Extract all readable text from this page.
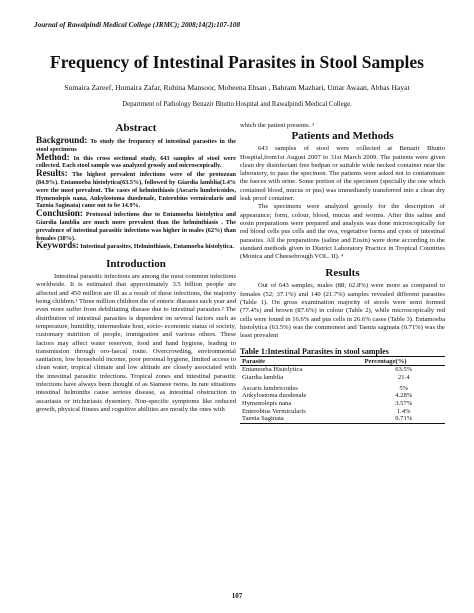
Journal of Rawalpindi Medical College (JRMC); 2008;14(2):107-108
Frequency of Intestinal Parasites in Stool Samples
Sumaira Zareef, Humaira Zafar, Rubina Mansoor, Mobeena Ehsan , Bahram Mazhari, Umar Awaan, Abbas Hayat
Department of Pathology Benazir Bhutto Hospital and Rawalpindi Medical College.
Abstract

Background: To study the frequency of intestinal parasites in the stool specimens

Method: In this cross sectional study, 643 samples of stool were collected. Each stool sample was analyzed grossly and microscopically.

Results: The highest prevalent infections were of the protozoan (84.9%). Entamoeba histolytica(63.5%), followed by Giardia lamblia(1.4% were the most prevalent. The cases of helminthiasis (Ascaris lumbricoides, Hymenolepis nana, Ankylostoma duodenale, Enterobius vermicularis and Taenia Saginata) came out to be 14.9%.

Conclusion: Protozoal infections due to Entamoeba histolytica and Giardia lamblia are much more prevalent than the helminthiasis . The prevalence of intestinal parasitic infections was higher in males (62%) than females (38%).

Keywords: Intestinal parasites, Helminthiasis, Entamoeba histolytica.

Introduction

Intestinal parasitic infections are among the most common infections worldwide. It is estimated that approximately 3.5 billion people are affected and 450 million are ill as a result of these infections, the majority being children.¹ Three million children die of enteric diseases each year and even more suffer from debilitating disease due to intestinal parasites.² The distribution of intestinal parasites is dependent on several factors such as temperature, humidity, intermediate host, socio- economic status of society, customary nutrition of people, immigration and various others. These factors may affect water reservoir, food and hand hygiene, leading to transmission through oro-faecal route. Overcrowding, environmental sanitation, low household income, poor personal hygiene, limited access to clean water, tropical climate and low altitude are closely associated with the intestinal parasitic infections. Tropical zones and intestinal parasitic infections have always been thought of as Siamese twins. In rare situations intestinal helminths cause serious disease, as intestinal obstruction in ascariasis or trichuriasis dysentery. Non-specific symptoms like reduced growth, physical fitness and cognitive abilities are mostly the ones with

which the patient presents. ³

Patients and Methods

643 samples of stool were collected at Benazir Bhutto Hospital,from1st August 2007 to 31st March 2009. The patients were given clean dry disinfectant free bedpan or suitable wide necked container near the laboratory, to pass the specimen. The patients were asked not to contaminate the faeces with urine. Some portion of the specimen (specially the one which contained blood, mucus or pus) was immediately transferred into a clean dry leak proof container.

The specimens were analyzed grossly for the description of appearance; form, colour, blood, mucus and worms. After this saline and eosin preparations were prepared and analysis was done microscopically for red blood cells pus cells and the ova, vegetative forms and cysts of intestinal parasites. All the preparations (saline and Eosin) were done according to the standard methods given in District Laboratory Practice in Tropical Countries (Monica and Cheesebrough VOL. II). ⁴

Results

Out of 643 samples, males (88; 62.8%) were more as compared to females (52; 37.1%) and 140 (21.7%) samples revealed different parasites (Table 1). On gross examination majority of stools were semi formed (77.4%) and brown (87.6%) in colour (Table 2), while microscopically red cells were found in 16.6% and pus cells in 26.6% cases (Table 3). Entamoeba histolytica (63.5%) was the commonest and Taenia saginata (0.71%) was the least prevalent

Table 1:Intestinal Parasites in stool samples
Parasite	Percentage(%)
Entamoeba Histolytica	63.5%
Giardia lamblia	21.4

Ascaris lumbricoides	5%
Ankylostoma duodenale	4.28%
Hymenolepis nana	3.57%
Enterobius Vermicularis	1.4%
Taenia Saginata	0.71%
107
